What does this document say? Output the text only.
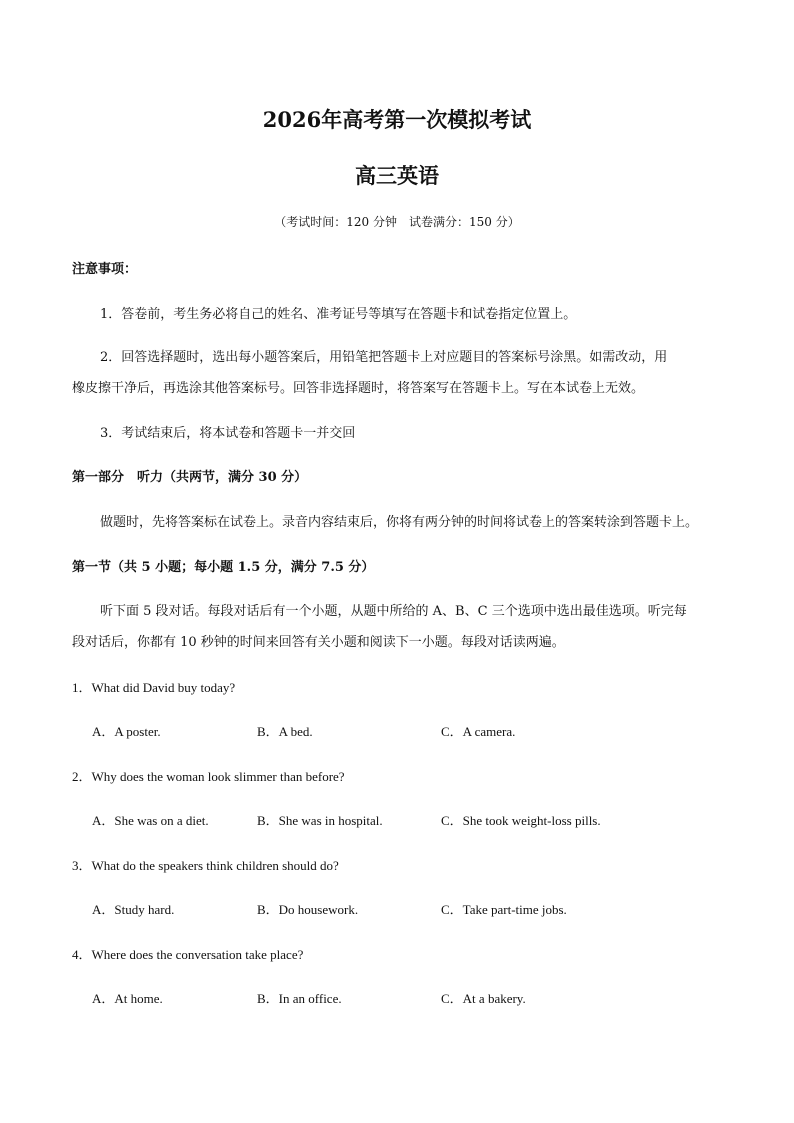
2026年高考第一次模拟考试
高三英语
（考试时间：120 分钟　试卷满分：150 分）
注意事项：
1．答卷前，考生务必将自己的姓名、准考证号等填写在答题卡和试卷指定位置上。
2．回答选择题时，选出每小题答案后，用铅笔把答题卡上对应题目的答案标号涂黑。如需改动，用
橡皮擦干净后，再选涂其他答案标号。回答非选择题时，将答案写在答题卡上。写在本试卷上无效。
3．考试结束后，将本试卷和答题卡一并交回
第一部分　听力（共两节，满分 30 分）
做题时，先将答案标在试卷上。录音内容结束后，你将有两分钟的时间将试卷上的答案转涂到答题卡上。
第一节（共 5 小题；每小题 1.5 分，满分 7.5 分）
听下面 5 段对话。每段对话后有一个小题，从题中所给的 A、B、C 三个选项中选出最佳选项。听完每
段对话后，你都有 10 秒钟的时间来回答有关小题和阅读下一小题。每段对话读两遍。
1．What did David buy today?
A．A poster.	B．A bed.	C．A camera.
2．Why does the woman look slimmer than before?
A．She was on a diet.	B．She was in hospital.	C．She took weight-loss pills.
3．What do the speakers think children should do?
A．Study hard.	B．Do housework.	C．Take part-time jobs.
4．Where does the conversation take place?
A．At home.	B．In an office.	C．At a bakery.
